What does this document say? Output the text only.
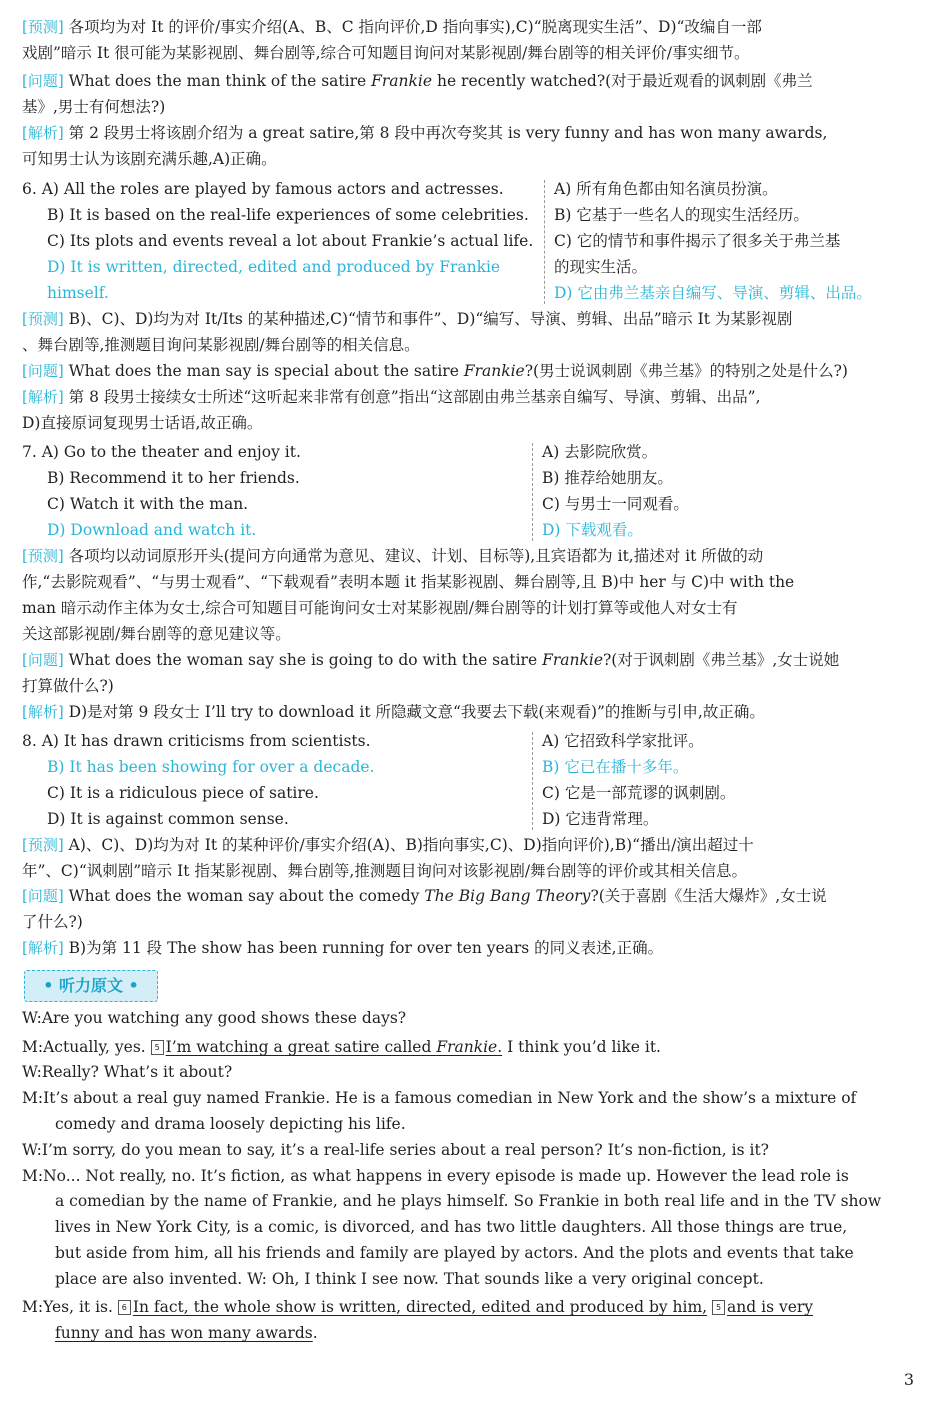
[预测] 各项均为对 It 的评价/事实介绍(A、B、C 指向评价,D 指向事实),C)“脱离现实生活”、D)“改编自一部
戏剧”暗示 It 很可能为某影视剧、舞台剧等,综合可知题目询问对某影视剧/舞台剧等的相关评价/事实细节。
[问题] What does the man think of the satire Frankie he recently watched?(对于最近观看的讽刺剧《弗兰
基》,男士有何想法?)
[解析] 第 2 段男士将该剧介绍为 a great satire,第 8 段中再次夸奖其 is very funny and has won many awards,
可知男士认为该剧充满乐趣,A)正确。
6. A) All the roles are played by famous actors and actresses.
B) It is based on the real-life experiences of some celebrities.
C) Its plots and events reveal a lot about Frankie’s actual life.
D) It is written, directed, edited and produced by Frankie
himself.
A) 所有角色都由知名演员扮演。
B) 它基于一些名人的现实生活经历。
C) 它的情节和事件揭示了很多关于弗兰基
的现实生活。
D) 它由弗兰基亲自编写、导演、剪辑、出品。
[预测] B)、C)、D)均为对 It/Its 的某种描述,C)“情节和事件”、D)“编写、导演、剪辑、出品”暗示 It 为某影视剧
、舞台剧等,推测题目询问某影视剧/舞台剧等的相关信息。
[问题] What does the man say is special about the satire Frankie?(男士说讽刺剧《弗兰基》的特别之处是什么?)
[解析] 第 8 段男士接续女士所述“这听起来非常有创意”指出“这部剧由弗兰基亲自编写、导演、剪辑、出品”,
D)直接原词复现男士话语,故正确。
7. A) Go to the theater and enjoy it.
B) Recommend it to her friends.
C) Watch it with the man.
D) Download and watch it.
A) 去影院欣赏。
B) 推荐给她朋友。
C) 与男士一同观看。
D) 下载观看。
[预测] 各项均以动词原形开头(提问方向通常为意见、建议、计划、目标等),且宾语都为 it,描述对 it 所做的动
作,“去影院观看”、“与男士观看”、“下载观看”表明本题 it 指某影视剧、舞台剧等,且 B)中 her 与 C)中 with the
man 暗示动作主体为女士,综合可知题目可能询问女士对某影视剧/舞台剧等的计划打算等或他人对女士有
关这部影视剧/舞台剧等的意见建议等。
[问题] What does the woman say she is going to do with the satire Frankie?(对于讽刺剧《弗兰基》,女士说她
打算做什么?)
[解析] D)是对第 9 段女士 I’ll try to download it 所隐藏文意“我要去下载(来观看)”的推断与引申,故正确。
8. A) It has drawn criticisms from scientists.
B) It has been showing for over a decade.
C) It is a ridiculous piece of satire.
D) It is against common sense.
A) 它招致科学家批评。
B) 它已在播十多年。
C) 它是一部荒谬的讽刺剧。
D) 它违背常理。
[预测] A)、C)、D)均为对 It 的某种评价/事实介绍(A)、B)指向事实,C)、D)指向评价),B)“播出/演出超过十
年”、C)“讽刺剧”暗示 It 指某影视剧、舞台剧等,推测题目询问对该影视剧/舞台剧等的评价或其相关信息。
[问题] What does the woman say about the comedy The Big Bang Theory?(关于喜剧《生活大爆炸》,女士说
了什么?)
[解析] B)为第 11 段 The show has been running for over ten years 的同义表述,正确。
• 听力原文 •
W:Are you watching any good shows these days?
M:Actually, yes. 5 I’m watching a great satire called Frankie. I think you’d like it.
W:Really? What’s it about?
M:It’s about a real guy named Frankie. He is a famous comedian in New York and the show’s a mixture of
comedy and drama loosely depicting his life.
W:I’m sorry, do you mean to say, it’s a real-life series about a real person? It’s non-fiction, is it?
M:No... Not really, no. It’s fiction, as what happens in every episode is made up. However the lead role is
a comedian by the name of Frankie, and he plays himself. So Frankie in both real life and in the TV show
lives in New York City, is a comic, is divorced, and has two little daughters. All those things are true,
but aside from him, all his friends and family are played by actors. And the plots and events that take
place are also invented. W: Oh, I think I see now. That sounds like a very original concept.
M:Yes, it is. 6 In fact, the whole show is written, directed, edited and produced by him, 5 and is very
funny and has won many awards.
3
